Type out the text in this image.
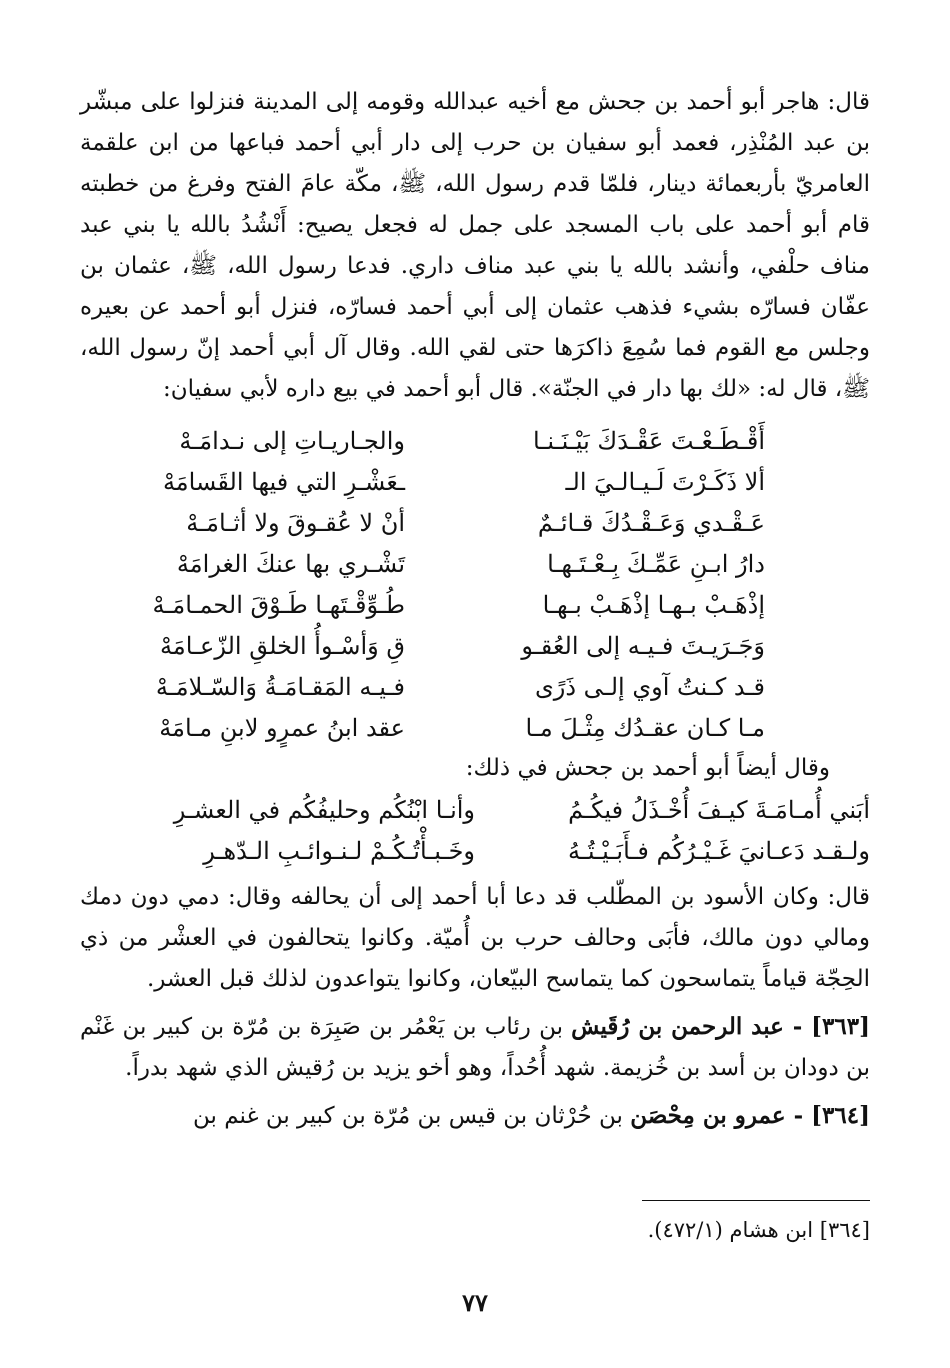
قال: هاجر أبو أحمد بن جحش مع أخيه عبدالله وقومه إلى المدينة فنزلوا على مبشّر بن عبد المُنْذِر، فعمد أبو سفيان بن حرب إلى دار أبي أحمد فباعها من ابن علقمة العامريّ بأربعمائة دينار، فلمّا قدم رسول الله، ﷺ، مكّة عامَ الفتح وفرغ من خطبته قام أبو أحمد على باب المسجد على جمل له فجعل يصيح: أَنْشُدُ بالله يا بني عبد مناف حلْفي، وأنشد بالله يا بني عبد مناف داري. فدعا رسول الله، ﷺ، عثمان بن عفّان فسارّه بشيء فذهب عثمان إلى أبي أحمد فسارّه، فنزل أبو أحمد عن بعيره وجلس مع القوم فما سُمِعَ ذاكرَها حتى لقي الله. وقال آل أبي أحمد إنّ رسول الله، ﷺ، قال له: «لك بها دار في الجنّة». قال أبو أحمد في بيع داره لأبي سفيان:

أَقْـطَـعْـتَ عَقْـدَكَ بَيْـنَـنـا
والجـاريـاتِ إلى نـدامَـهْ
ألا ذَكَـرْتَ لَـيـالـيَ الـ
ـعَشْـرِ التي فيها القَسامَهْ
عَـقْـدي وَعَـقْـدُكَ قـائـمٌ
أنْ لا عُقـوقَ ولا أثـامَـهْ
دارُ ابـنِ عَمِّـكَ بِـعْـتَـهـا
تَشْـري بها عنكَ الغرامَهْ
إذْهَـبْ بـهـا إذْهَـبْ بـهـا
طُـوِّقْـتَهـا طَـوْقَ الحمـامَـهْ
وَجَـرَيـتَ فـيـه إلى العُقـو
قِ وَأسْـوأُ الخلقِ الزّعـامَهْ
قـد كـنتُ آوي إلـى ذَرًى
فـيـه المَقـامَـةُ وَالسّـلامَـهْ
مـا كـان عقـدُك مِثْـلَ مـا
عقد ابنُ عمرٍو لابنِ مـامَهْ

وقال أيضاً أبو أحمد بن جحش في ذلك:

أبَني أُمـامَـةَ كيـفَ أُخْـذَلُ فيكُـمُ
وأنـا ابْنُكُم وحليفُكُم في العشـرِ
ولـقـد دَعـانيَ غَـيْـرُكُم فـأَبَـيْـتُـهُ
وخَـبـأْتُـكُـمْ لـنـوائـبِ الـدّهـرِ

قال: وكان الأسود بن المطّلب قد دعا أبا أحمد إلى أن يحالفه وقال: دمي دون دمك ومالي دون مالك، فأبَى وحالف حرب بن أُميّة. وكانوا يتحالفون في العشْر من ذي الحِجّة قياماً يتماسحون كما يتماسح البيّعان، وكانوا يتواعدون لذلك قبل العشر.

[٣٦٣] - عبد الرحمن بن رُقَيش بن رئاب بن يَعْمُر بن صَبِرَة بن مُرّة بن كبير بن غَنْم بن دودان بن أسد بن خُزيمة. شهد أُحُداً، وهو أخو يزيد بن رُقيش الذي شهد بدراً.

[٣٦٤] - عمرو بن مِحْصَن بن حُرْثان بن قيس بن مُرّة بن كبير بن غنم بن

[٣٦٤] ابن هشام (٤٧٢/١).
٧٧
